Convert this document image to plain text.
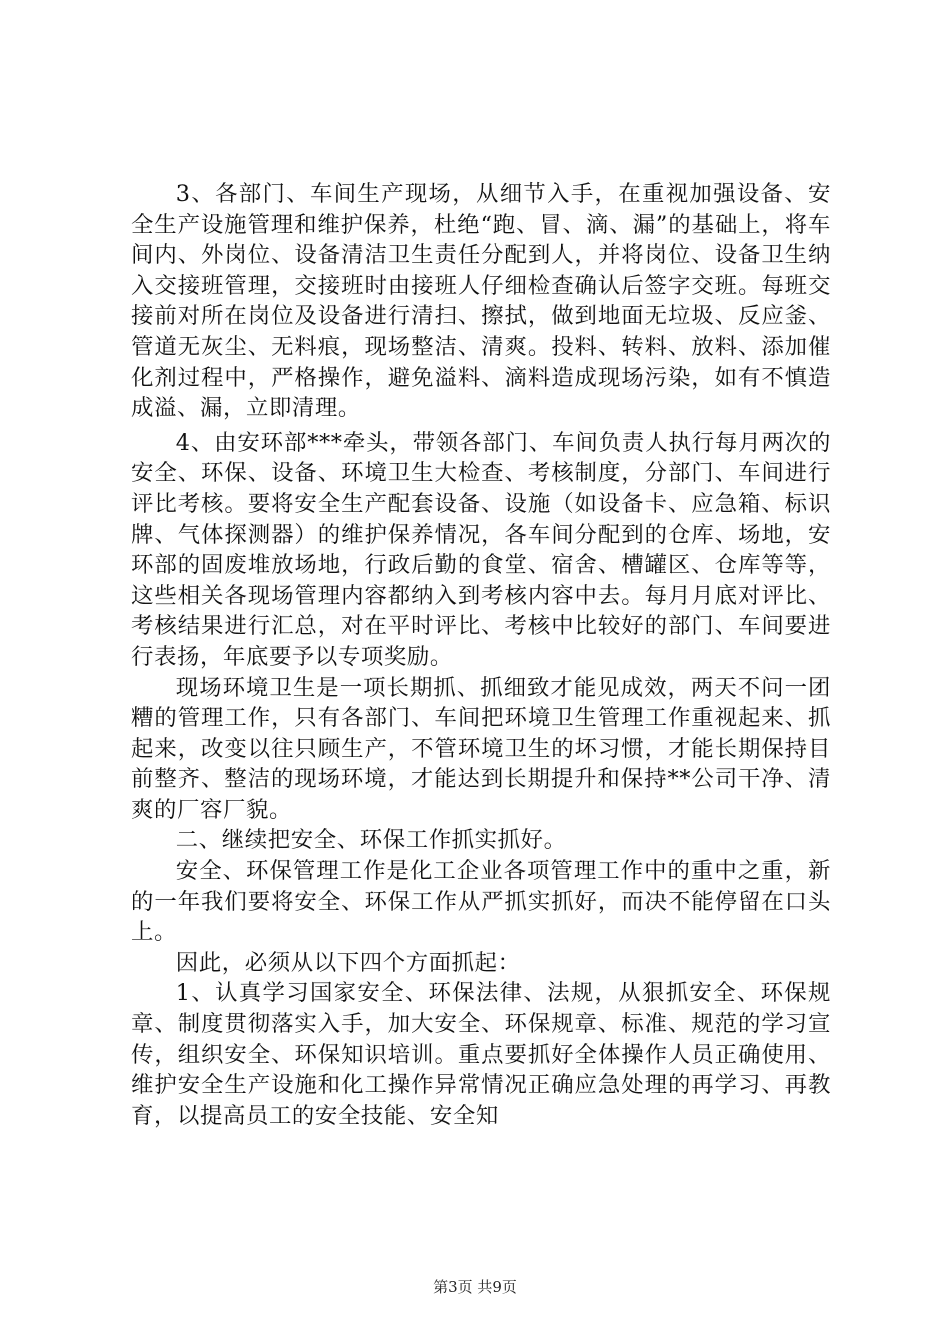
3、各部门、车间生产现场，从细节入手，在重视加强设备、安全生产设施管理和维护保养，杜绝“跑、冒、滴、漏”的基础上，将车间内、外岗位、设备清洁卫生责任分配到人，并将岗位、设备卫生纳入交接班管理，交接班时由接班人仔细检查确认后签字交班。每班交接前对所在岗位及设备进行清扫、擦拭，做到地面无垃圾、反应釜、管道无灰尘、无料痕，现场整洁、清爽。投料、转料、放料、添加催化剂过程中，严格操作，避免溢料、滴料造成现场污染，如有不慎造成溢、漏，立即清理。

4、由安环部***牵头，带领各部门、车间负责人执行每月两次的安全、环保、设备、环境卫生大检查、考核制度，分部门、车间进行评比考核。要将安全生产配套设备、设施（如设备卡、应急箱、标识牌、气体探测器）的维护保养情况，各车间分配到的仓库、场地，安环部的固废堆放场地，行政后勤的食堂、宿舍、槽罐区、仓库等等，这些相关各现场管理内容都纳入到考核内容中去。每月月底对评比、考核结果进行汇总，对在平时评比、考核中比较好的部门、车间要进行表扬，年底要予以专项奖励。

现场环境卫生是一项长期抓、抓细致才能见成效，两天不问一团糟的管理工作，只有各部门、车间把环境卫生管理工作重视起来、抓起来，改变以往只顾生产，不管环境卫生的坏习惯，才能长期保持目前整齐、整洁的现场环境，才能达到长期提升和保持**公司干净、清爽的厂容厂貌。

二、继续把安全、环保工作抓实抓好。

安全、环保管理工作是化工企业各项管理工作中的重中之重，新的一年我们要将安全、环保工作从严抓实抓好，而决不能停留在口头上。

因此，必须从以下四个方面抓起：

1、认真学习国家安全、环保法律、法规，从狠抓安全、环保规章、制度贯彻落实入手，加大安全、环保规章、标准、规范的学习宣传，组织安全、环保知识培训。重点要抓好全体操作人员正确使用、维护安全生产设施和化工操作异常情况正确应急处理的再学习、再教育，以提高员工的安全技能、安全知

第3页 共9页
